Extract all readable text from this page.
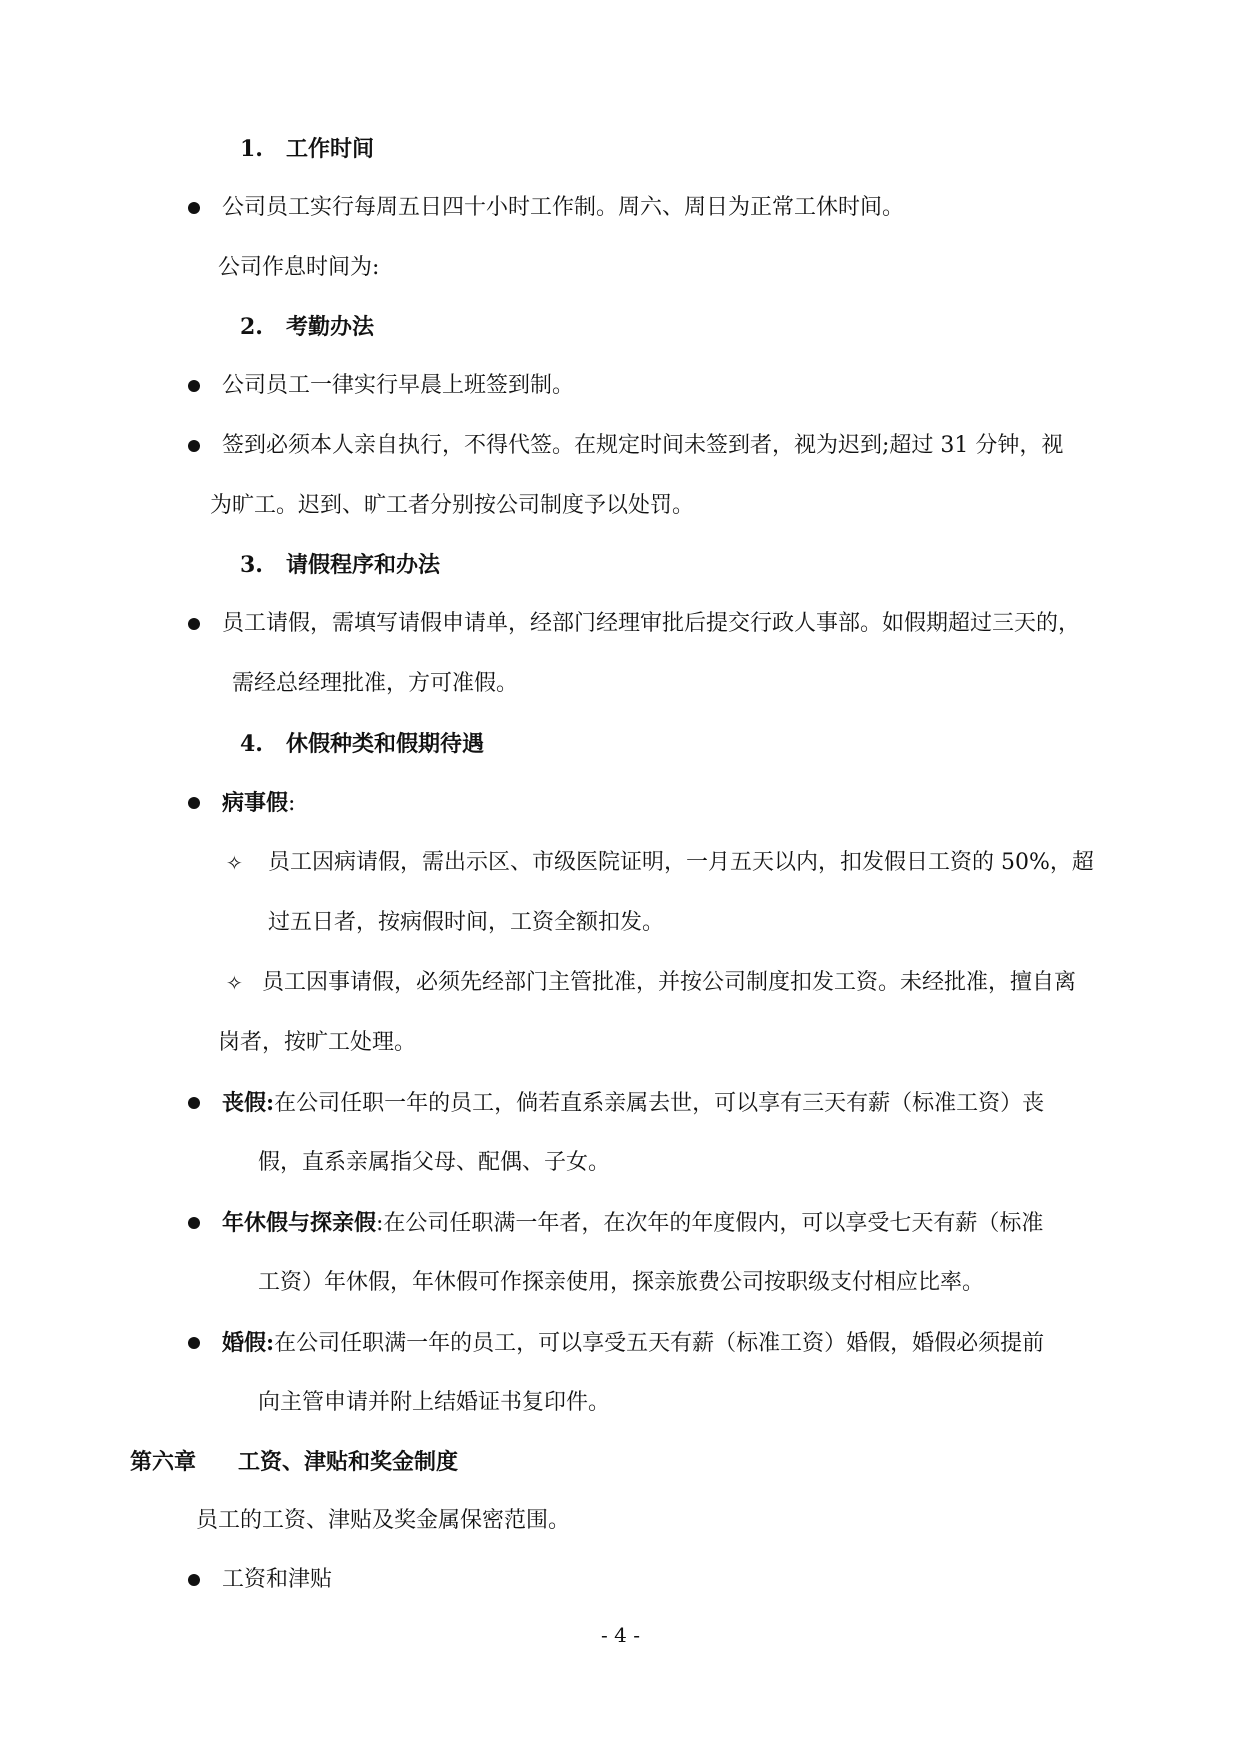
1. 工作时间
公司员工实行每周五日四十小时工作制。周六、周日为正常工休时间。
公司作息时间为:
2. 考勤办法
公司员工一律实行早晨上班签到制。
签到必须本人亲自执行，不得代签。在规定时间未签到者，视为迟到;超过 31 分钟，视
为旷工。迟到、旷工者分别按公司制度予以处罚。
3. 请假程序和办法
员工请假，需填写请假申请单，经部门经理审批后提交行政人事部。如假期超过三天的，
需经总经理批准，方可准假。
4. 休假种类和假期待遇
病事假:
✧ 员工因病请假，需出示区、市级医院证明，一月五天以内，扣发假日工资的 50%，超
过五日者，按病假时间，工资全额扣发。
✧ 员工因事请假，必须先经部门主管批准，并按公司制度扣发工资。未经批准，擅自离
岗者，按旷工处理。
丧假:在公司任职一年的员工，倘若直系亲属去世，可以享有三天有薪（标准工资）丧
假，直系亲属指父母、配偶、子女。
年休假与探亲假:在公司任职满一年者，在次年的年度假内，可以享受七天有薪（标准
工资）年休假，年休假可作探亲使用，探亲旅费公司按职级支付相应比率。
婚假:在公司任职满一年的员工，可以享受五天有薪（标准工资）婚假，婚假必须提前
向主管申请并附上结婚证书复印件。
第六章 工资、津贴和奖金制度
员工的工资、津贴及奖金属保密范围。
工资和津贴
- 4 -
